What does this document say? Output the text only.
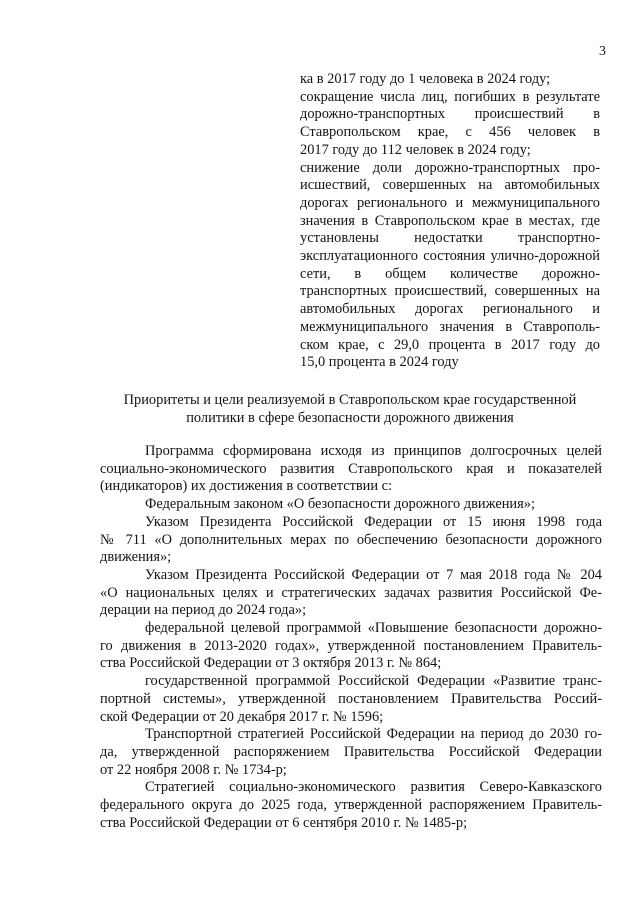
3
ка в 2017 году до 1 человека в 2024 году;
сокращение числа лиц, погибших в результате
дорожно-транспортных происшествий в
Ставропольском крае, с 456 человек в
2017 году до 112 человек в 2024 году;
снижение доли дорожно-транспортных про-
исшествий, совершенных на автомобильных
дорогах регионального и межмуниципального
значения в Ставропольском крае в местах, где
установлены недостатки транспортно-
эксплуатационного состояния улично-дорожной
сети, в общем количестве дорожно-
транспортных происшествий, совершенных на
автомобильных дорогах регионального и
межмуниципального значения в Ставрополь-
ском крае, с 29,0 процента в 2017 году до
15,0 процента в 2024 году
Приоритеты и цели реализуемой в Ставропольском крае государственной
политики в сфере безопасности дорожного движения
Программа сформирована исходя из принципов долгосрочных целей
социально-экономического развития Ставропольского края и показателей
(индикаторов) их достижения в соответствии с:
Федеральным законом «О безопасности дорожного движения»;
Указом Президента Российской Федерации от 15 июня 1998 года
№ 711 «О дополнительных мерах по обеспечению безопасности дорожного
движения»;
Указом Президента Российской Федерации от 7 мая 2018 года № 204
«О национальных целях и стратегических задачах развития Российской Фе-
дерации на период до 2024 года»;
федеральной целевой программой «Повышение безопасности дорожно-
го движения в 2013-2020 годах», утвержденной постановлением Правитель-
ства Российской Федерации от 3 октября 2013 г. № 864;
государственной программой Российской Федерации «Развитие транс-
портной системы», утвержденной постановлением Правительства Россий-
ской Федерации от 20 декабря 2017 г. № 1596;
Транспортной стратегией Российской Федерации на период до 2030 го-
да, утвержденной распоряжением Правительства Российской Федерации
от 22 ноября 2008 г. № 1734-р;
Стратегией социально-экономического развития Северо-Кавказского
федерального округа до 2025 года, утвержденной распоряжением Правитель-
ства Российской Федерации от 6 сентября 2010 г. № 1485-р;
